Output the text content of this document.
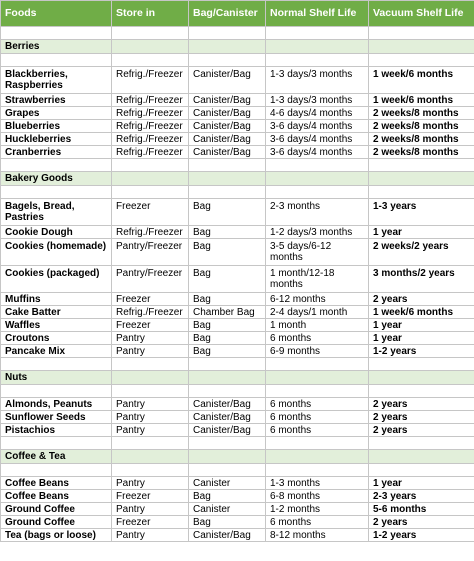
Foods	Store in	Bag/Canister	Normal Shelf Life	Vacuum Shelf Life

Berries				

Blackberries, Raspberries	Refrig./Freezer	Canister/Bag	1-3 days/3 months	1 week/6 months
Strawberries	Refrig./Freezer	Canister/Bag	1-3 days/3 months	1 week/6 months
Grapes	Refrig./Freezer	Canister/Bag	4-6 days/4 months	2 weeks/8 months
Blueberries	Refrig./Freezer	Canister/Bag	3-6 days/4 months	2 weeks/8 months
Huckleberries	Refrig./Freezer	Canister/Bag	3-6 days/4 months	2 weeks/8 months
Cranberries	Refrig./Freezer	Canister/Bag	3-6 days/4 months	2 weeks/8 months

Bakery Goods				

Bagels, Bread, Pastries	Freezer	Bag	2-3 months	1-3 years
Cookie Dough	Refrig./Freezer	Bag	1-2 days/3 months	1 year
Cookies (homemade)	Pantry/Freezer	Bag	3-5 days/6-12 months	2 weeks/2 years
Cookies (packaged)	Pantry/Freezer	Bag	1 month/12-18 months	3 months/2 years
Muffins	Freezer	Bag	6-12 months	2 years
Cake Batter	Refrig./Freezer	Chamber Bag	2-4 days/1 month	1 week/6 months
Waffles	Freezer	Bag	1 month	1 year
Croutons	Pantry	Bag	6 months	1 year
Pancake Mix	Pantry	Bag	6-9 months	1-2 years

Nuts				

Almonds, Peanuts	Pantry	Canister/Bag	6 months	2 years
Sunflower Seeds	Pantry	Canister/Bag	6 months	2 years
Pistachios	Pantry	Canister/Bag	6 months	2 years

Coffee & Tea				

Coffee Beans	Pantry	Canister	1-3 months	1 year
Coffee Beans	Freezer	Bag	6-8 months	2-3 years
Ground Coffee	Pantry	Canister	1-2 months	5-6 months
Ground Coffee	Freezer	Bag	6 months	2 years
Tea (bags or loose)	Pantry	Canister/Bag	8-12 months	1-2 years
